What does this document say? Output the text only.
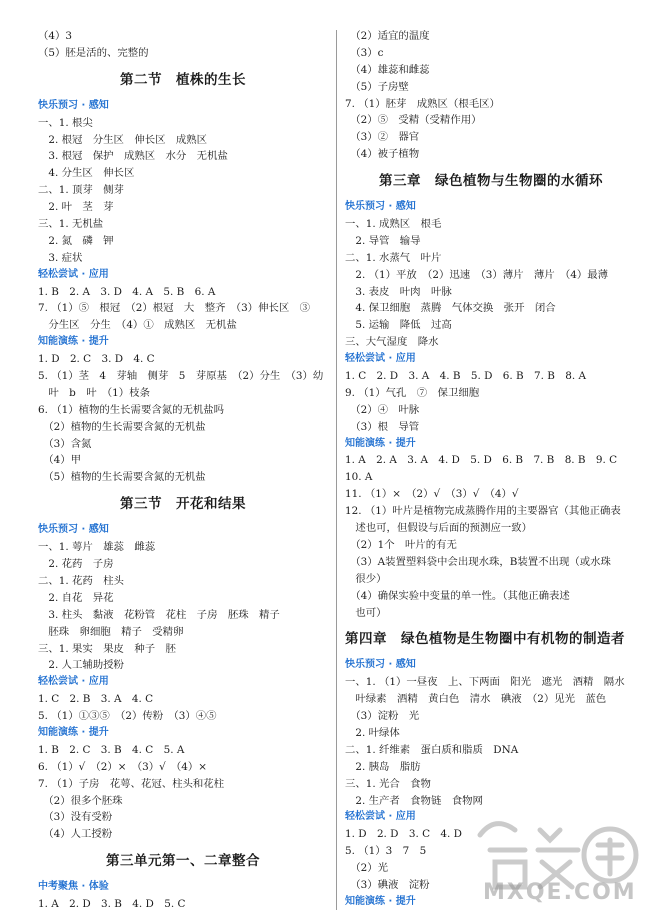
（4）3
（5）胚是活的、完整的
第二节　植株的生长
快乐预习 · 感知
一、1. 根尖
　2. 根冠　分生区　伸长区　成熟区
　3. 根冠　保护　成熟区　水分　无机盐
　4. 分生区　伸长区
二、1. 顶芽　侧芽
　2. 叶　茎　芽
三、1. 无机盐
　2. 氮　磷　钾
　3. 症状
轻松尝试 · 应用
1. B　2. A　3. D　4. A　5. B　6. A
7. （1）⑤　根冠　（2）根冠　大　整齐　（3）伸长区　③
　分生区　分生　（4）①　成熟区　无机盐
知能演练 · 提升
1. D　2. C　3. D　4. C
5. （1）茎　4　芽轴　侧芽　5　芽原基　（2）分生　（3）幼
　叶　b　叶　（1）枝条
6. （1）植物的生长需要含氮的无机盐吗
　（2）植物的生长需要含氮的无机盐
　（3）含氮
　（4）甲
　（5）植物的生长需要含氮的无机盐
第三节　开花和结果
快乐预习 · 感知
一、1. 萼片　雄蕊　雌蕊
　2. 花药　子房
二、1. 花药　柱头
　2. 自花　异花
　3. 柱头　黏液　花粉管　花柱　子房　胚珠　精子
　胚珠　卵细胞　精子　受精卵
三、1. 果实　果皮　种子　胚
　2. 人工辅助授粉
轻松尝试 · 应用
1. C　2. B　3. A　4. C
5. （1）①③⑤　（2）传粉　（3）④⑤
知能演练 · 提升
1. B　2. C　3. B　4. C　5. A
6. （1）√　（2）×　（3）√　（4）×
7. （1）子房　花萼、花冠、柱头和花柱
　（2）很多个胚珠
　（3）没有受粉
　（4）人工授粉
第三单元第一、二章整合
中考聚焦 · 体验
1. A　2. D　3. B　4. D　5. C
　（2）适宜的温度
　（3）c
　（4）雄蕊和雌蕊
　（5）子房壁
7. （1）胚芽　成熟区（根毛区）
　（2）⑤　受精（受精作用）
　（3）②　器官
　（4）被子植物
第三章　绿色植物与生物圈的水循环
快乐预习 · 感知
一、1. 成熟区　根毛
　2. 导管　输导
二、1. 水蒸气　叶片
　2. （1）平放　（2）迅速　（3）薄片　薄片　（4）最薄
　3. 表皮　叶肉　叶脉
　4. 保卫细胞　蒸腾　气体交换　张开　闭合
　5. 运输　降低　过高
三、大气湿度　降水
轻松尝试 · 应用
1. C　2. D　3. A　4. B　5. D　6. B　7. B　8. A
9. （1）气孔　⑦　保卫细胞
　（2）④　叶脉
　（3）根　导管
知能演练 · 提升
1. A　2. A　3. A　4. D　5. D　6. B　7. B　8. B　9. C
10. A
11. （1）×　（2）√　（3）√　（4）√
12. （1）叶片是植物完成蒸腾作用的主要器官（其他正确表
　述也可，但假设与后面的预测应一致）
　（2）1个　叶片的有无
　（3）A装置塑料袋中会出现水珠，B装置不出现（或水珠
　很少）
　（4）确保实验中变量的单一性。（其他正确表述
　也可）
第四章　绿色植物是生物圈中有机物的制造者
快乐预习 · 感知
一、1. （1）一昼夜　上、下两面　阳光　遮光　酒精　隔水
　叶绿素　酒精　黄白色　清水　碘液　（2）见光　蓝色
　（3）淀粉　光
　2. 叶绿体
二、1. 纤维素　蛋白质和脂质　DNA
　2. 胰岛　脂肪
三、1. 光合　食物
　2. 生产者　食物链　食物网
轻松尝试 · 应用
1. D　2. D　3. C　4. D
5. （1）3　7　5
　（2）光
　（3）碘液　淀粉
知能演练 · 提升	MXQE.COM
